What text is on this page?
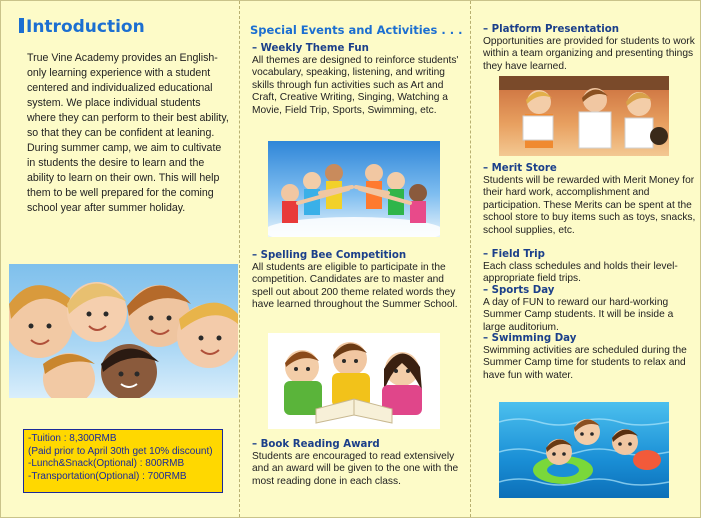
Introduction

True Vine Academy provides an English-only learning experience with a student centered and individualized educational system. We place individual students where they can perform to their best ability, so that they can be confident at leaning. During summer camp, we aim to cultivate in students the desire to learn and the ability to learn on their own. This will help them to be well prepared for the coming school year after summer holiday.

-Tuition : 8,300RMB
(Paid prior to April 30th get 10% discount)
-Lunch&Snack(Optional) : 800RMB
-Transportation(Optional) : 700RMB
Special Events and Activities . . .
– Weekly Theme Fun

All themes are designed to reinforce students' vocabulary, speaking, listening, and writing skills through fun activities such as Art and Craft, Creative Writing, Singing, Watching a Movie, Field Trip, Sports, Swimming, etc.

– Spelling Bee Competition

All students are eligible to participate in the competition. Candidates are to master and spell out about 200 theme related words they have learned throughout the Summer School.

– Book Reading Award

Students are encouraged to read extensively and an award will be given to the one with the most reading done in each class.

– Platform Presentation

Opportunities are provided for students to work within a team organizing and presenting things they have learned.

– Merit Store

Students will be rewarded with Merit Money for their hard work, accomplishment and participation. These Merits can be spent at the school store to buy items such as toys, snacks, school supplies, etc.

– Field Trip

Each class schedules and holds their level-appropriate field trips.

– Sports Day

A day of FUN to reward our hard-working Summer Camp students. It will be inside a large auditorium.

– Swimming Day

Swimming activities are scheduled during the Summer Camp time for students to relax and have fun with water.
